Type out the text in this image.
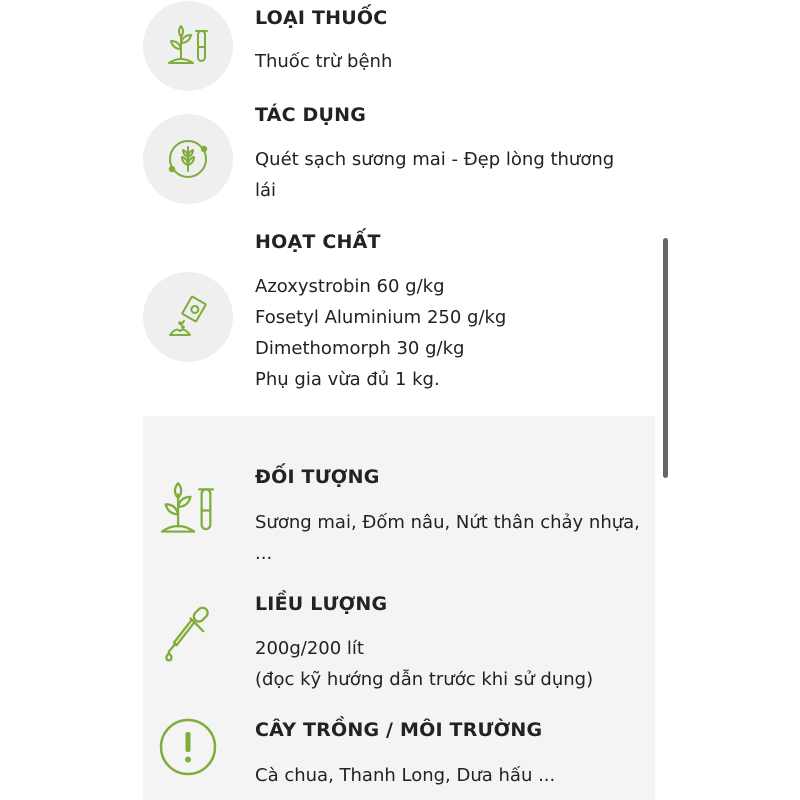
LOẠI THUỐC
Thuốc trừ bệnh
TÁC DỤNG
Quét sạch sương mai - Đẹp lòng thương
lái
HOẠT CHẤT
Azoxystrobin 60 g/kg
Fosetyl Aluminium 250 g/kg
Dimethomorph 30 g/kg
Phụ gia vừa đủ 1 kg.
ĐỐI TƯỢNG
Sương mai, Đốm nâu, Nứt thân chảy nhựa,
...
LIỀU LƯỢNG
200g/200 lít
(đọc kỹ hướng dẫn trước khi sử dụng)
CÂY TRỒNG / MÔI TRƯỜNG
Cà chua, Thanh Long, Dưa hấu ...
